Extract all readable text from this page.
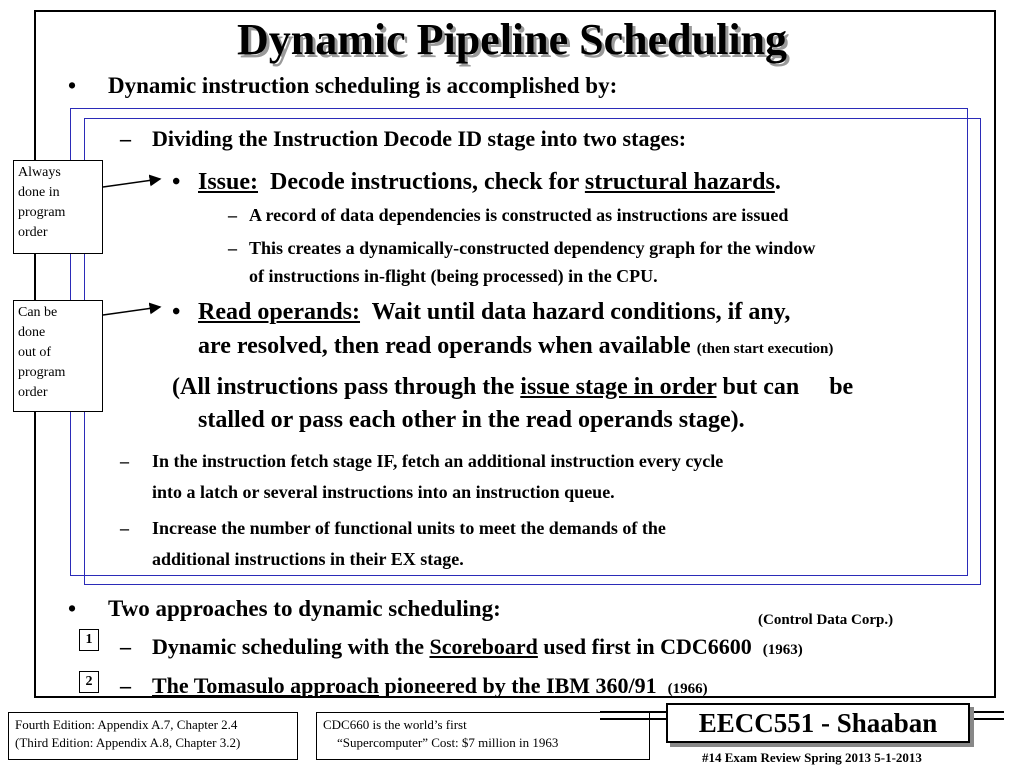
Dynamic Pipeline Scheduling
• Dynamic instruction scheduling is accomplished by:
– Dividing the Instruction Decode ID stage into two stages:
• Issue: Decode instructions, check for structural hazards.
– A record of data dependencies is constructed as instructions are issued
– This creates a dynamically-constructed dependency graph for the window
of instructions in-flight (being processed) in the CPU.
• Read operands: Wait until data hazard conditions, if any,
are resolved, then read operands when available (then start execution)
(All instructions pass through the issue stage in order but can     be
stalled or pass each other in the read operands stage).
– In the instruction fetch stage IF, fetch an additional instruction every cycle
into a latch or several instructions into an instruction queue.
– Increase the number of functional units to meet the demands of the
additional instructions in their EX stage.
• Two approaches to dynamic scheduling:	(Control Data Corp.)
1 – Dynamic scheduling with the Scoreboard used first in CDC6600 (1963)
2 – The Tomasulo approach pioneered by the IBM 360/91 (1966)
Always
done in
program
order
Can be
done
out of
program
order
Fourth Edition: Appendix A.7, Chapter 2.4
(Third Edition: Appendix A.8, Chapter 3.2)
CDC660 is the world’s first
“Supercomputer” Cost: $7 million in 1963
EECC551 - Shaaban
#14 Exam Review Spring 2013 5-1-2013
